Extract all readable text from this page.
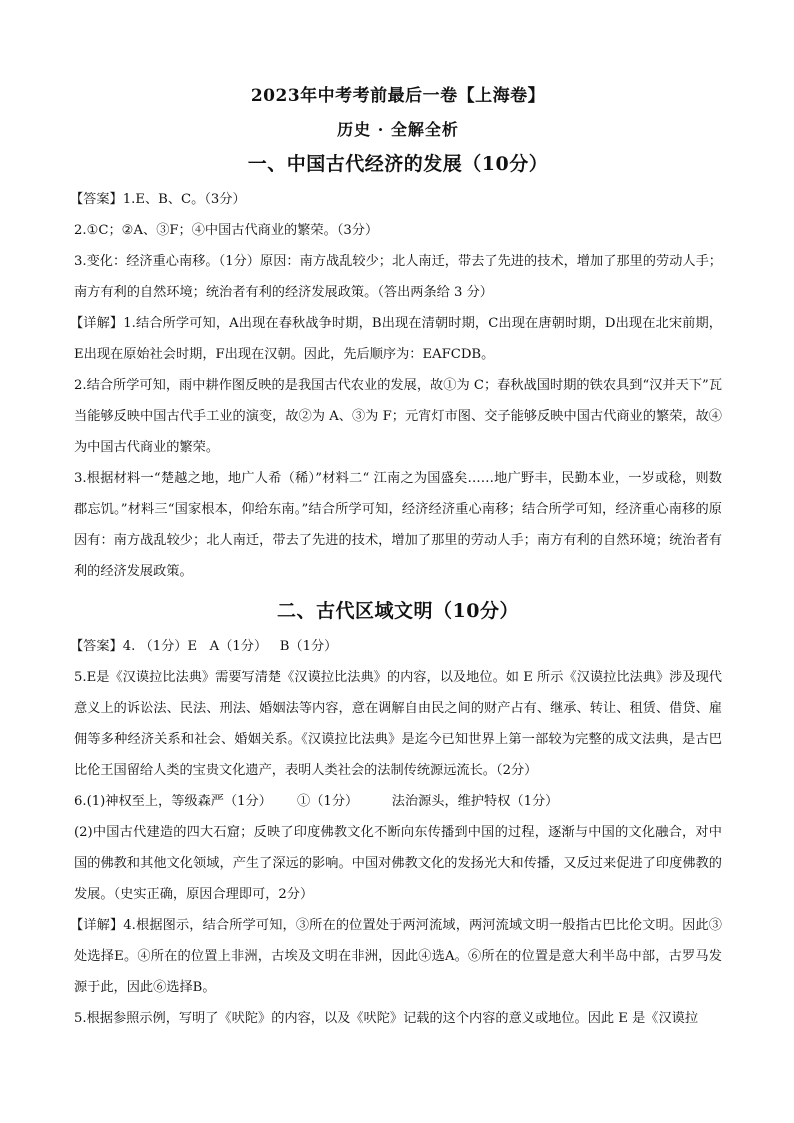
2023年中考考前最后一卷【上海卷】
历史 · 全解全析
一、中国古代经济的发展（10分）

【答案】1.E、B、C。（3分）

2.①C；②A、③F；④中国古代商业的繁荣。（3分）

3.变化：经济重心南移。（1分）原因：南方战乱较少；北人南迁，带去了先进的技术，增加了那里的劳动人手；南方有利的自然环境；统治者有利的经济发展政策。（答出两条给 3 分）

【详解】1.结合所学可知，A出现在春秋战争时期，B出现在清朝时期，C出现在唐朝时期，D出现在北宋前期，E出现在原始社会时期，F出现在汉朝。因此，先后顺序为：EAFCDB。

2.结合所学可知，雨中耕作图反映的是我国古代农业的发展，故①为 C；春秋战国时期的铁农具到“汉并天下”瓦当能够反映中国古代手工业的演变，故②为 A、③为 F；元宵灯市图、交子能够反映中国古代商业的繁荣，故④为中国古代商业的繁荣。

3.根据材料一“楚越之地，地广人希（稀）”材料二“ 江南之为国盛矣……地广野丰，民勤本业，一岁或稔，则数郡忘饥。”材料三“国家根本，仰给东南。”结合所学可知，经济经济重心南移；结合所学可知，经济重心南移的原因有：南方战乱较少；北人南迁，带去了先进的技术，增加了那里的劳动人手；南方有利的自然环境；统治者有利的经济发展政策。

二、古代区域文明（10分）

【答案】4. （1分）E   A（1分）   B（1分）

5.E是《汉谟拉比法典》需要写清楚《汉谟拉比法典》的内容，以及地位。如 E 所示《汉谟拉比法典》涉及现代意义上的诉讼法、民法、刑法、婚姻法等内容，意在调解自由民之间的财产占有、继承、转让、租赁、借贷、雇佣等多种经济关系和社会、婚姻关系。《汉谟拉比法典》是迄今已知世界上第一部较为完整的成文法典，是古巴比伦王国留给人类的宝贵文化遗产，表明人类社会的法制传统源远流长。（2分）

6.(1)神权至上，等级森严（1分）      ①（1分）        法治源头，维护特权（1分）

(2)中国古代建造的四大石窟；反映了印度佛教文化不断向东传播到中国的过程，逐渐与中国的文化融合，对中国的佛教和其他文化领域，产生了深远的影响。中国对佛教文化的发扬光大和传播，又反过来促进了印度佛教的发展。（史实正确，原因合理即可，2分）

【详解】4.根据图示，结合所学可知，③所在的位置处于两河流域，两河流域文明一般指古巴比伦文明。因此③处选择E。④所在的位置上非洲，古埃及文明在非洲，因此④选A。⑥所在的位置是意大利半岛中部，古罗马发源于此，因此⑥选择B。

5.根据参照示例，写明了《吠陀》的内容，以及《吠陀》记载的这个内容的意义或地位。因此 E 是《汉谟拉
